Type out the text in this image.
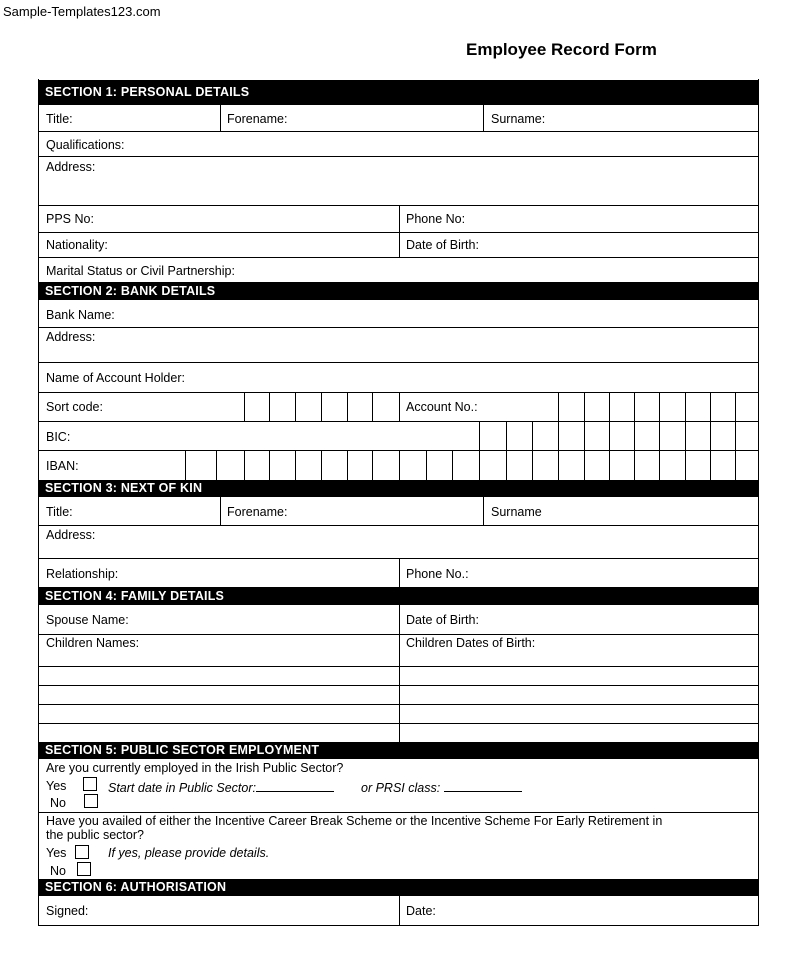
Sample-Templates123.com
Employee Record Form
SECTION 1: PERSONAL DETAILS
Title:	Forename:	Surname:
Qualifications:
Address:
PPS No:	Phone No:
Nationality:	Date of Birth:
Marital Status or Civil Partnership:
SECTION 2: BANK DETAILS
Bank Name:
Address:
Name of Account Holder:
Sort code:	Account No.:
BIC:
IBAN:
SECTION 3: NEXT OF KIN
Title:	Forename:	Surname
Address:
Relationship:	Phone No.:
SECTION 4: FAMILY DETAILS
Spouse Name:	Date of Birth:
Children Names:	Children Dates of Birth:
SECTION 5: PUBLIC SECTOR EMPLOYMENT
Are you currently employed in the Irish Public Sector?
Yes	Start date in Public Sector:	or PRSI class:
No
Have you availed of either the Incentive Career Break Scheme or the Incentive Scheme For Early Retirement in
the public sector?
Yes	If yes, please provide details.
No
SECTION 6: AUTHORISATION
Signed:	Date:
